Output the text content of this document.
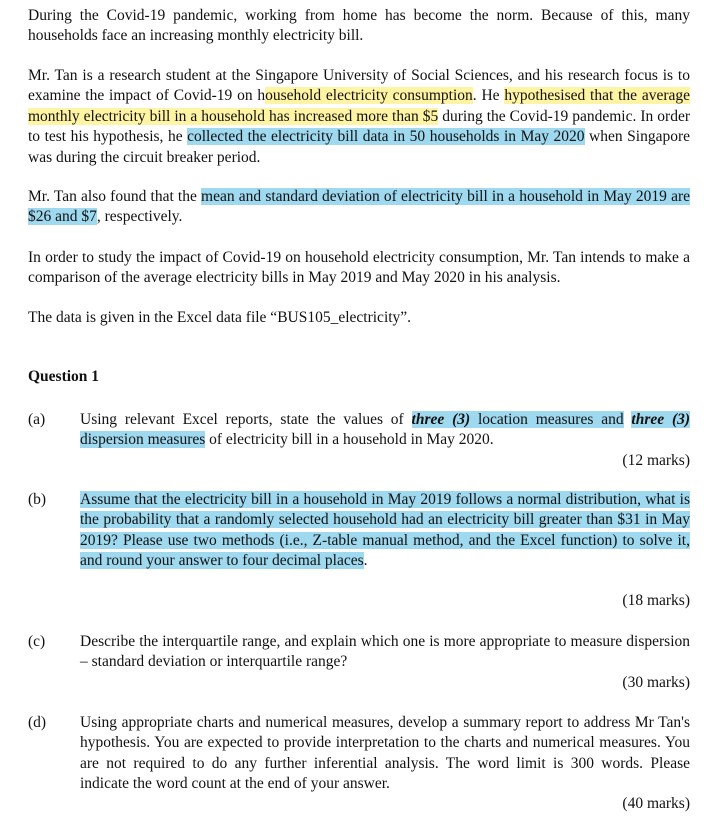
During the Covid-19 pandemic, working from home has become the norm. Because of this, many households face an increasing monthly electricity bill.

Mr. Tan is a research student at the Singapore University of Social Sciences, and his research focus is to examine the impact of Covid-19 on household electricity consumption. He hypothesised that the average monthly electricity bill in a household has increased more than $5 during the Covid-19 pandemic. In order to test his hypothesis, he collected the electricity bill data in 50 households in May 2020 when Singapore was during the circuit breaker period.

Mr. Tan also found that the mean and standard deviation of electricity bill in a household in May 2019 are $26 and $7, respectively.

In order to study the impact of Covid-19 on household electricity consumption, Mr. Tan intends to make a comparison of the average electricity bills in May 2019 and May 2020 in his analysis.

The data is given in the Excel data file “BUS105_electricity”.

Question 1

(a) Using relevant Excel reports, state the values of three (3) location measures and three (3) dispersion measures of electricity bill in a household in May 2020.

(12 marks)
(b) Assume that the electricity bill in a household in May 2019 follows a normal distribution, what is the probability that a randomly selected household had an electricity bill greater than $31 in May 2019? Please use two methods (i.e., Z-table manual method, and the Excel function) to solve it, and round your answer to four decimal places.

(18 marks)
(c) Describe the interquartile range, and explain which one is more appropriate to measure dispersion – standard deviation or interquartile range?

(30 marks)
(d) Using appropriate charts and numerical measures, develop a summary report to address Mr Tan's hypothesis. You are expected to provide interpretation to the charts and numerical measures. You are not required to do any further inferential analysis. The word limit is 300 words. Please indicate the word count at the end of your answer.

(40 marks)
